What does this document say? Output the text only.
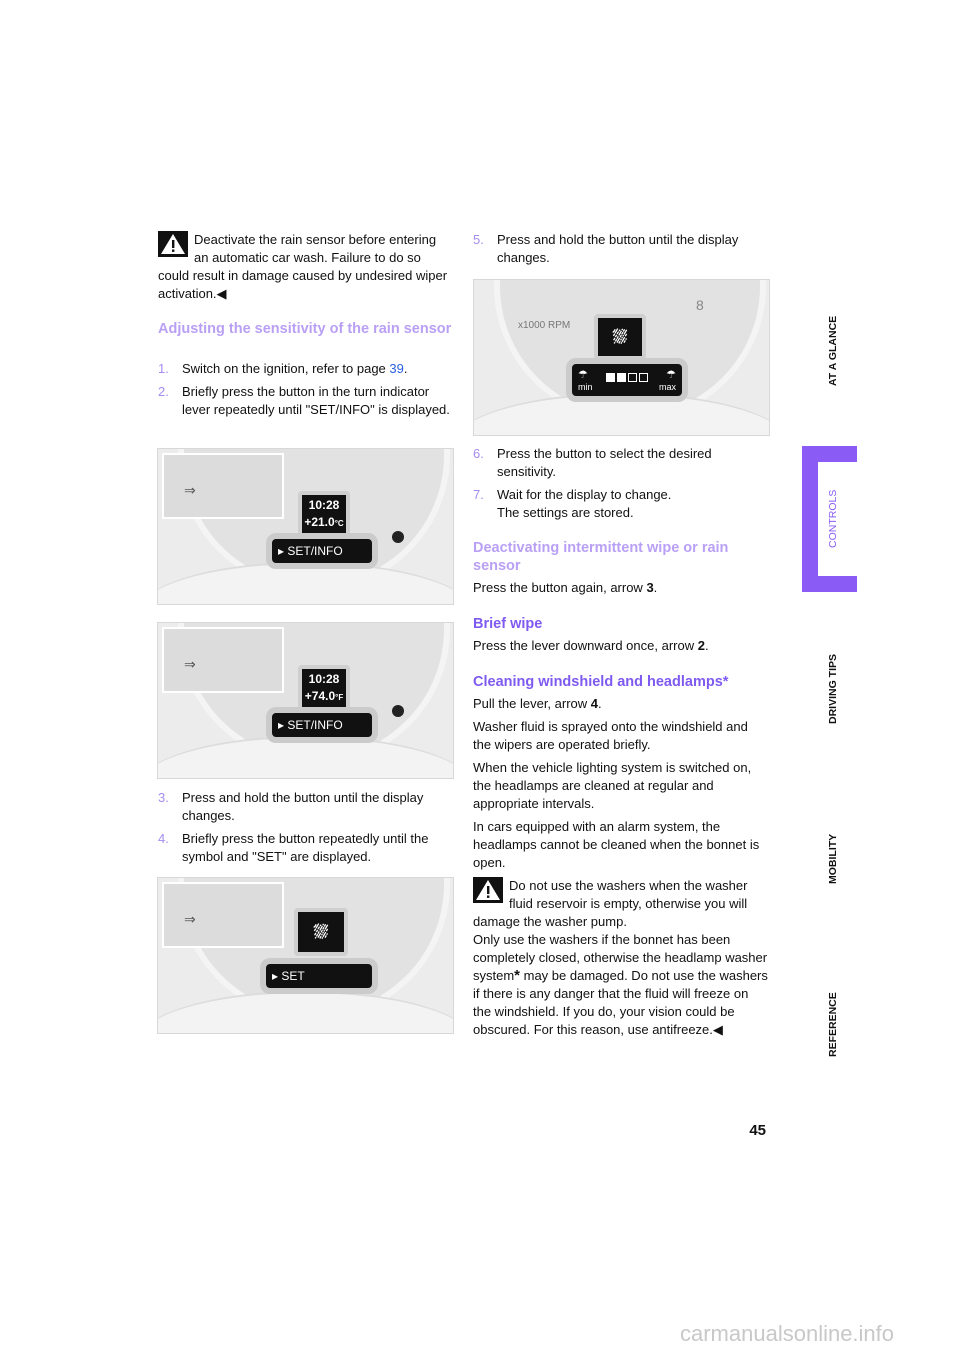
Deactivate the rain sensor before entering an automatic car wash. Failure to do so could result in damage caused by undesired wiper activation.◀

Adjusting the sensitivity of the rain sensor
1. Switch on the ignition, refer to page 39.
2. Briefly press the button in the turn indicator lever repeatedly until "SET/INFO" is displayed.
⇒
10:28
+21.0°C
▸ SET/INFO
⇒
10:28
+74.0°F
▸ SET/INFO
3. Press and hold the button until the display changes.
4. Briefly press the button repeatedly until the symbol and "SET" are displayed.
⇒
⛆
▸ SET
5. Press and hold the button until the display changes.
x1000 RPM
8
⛆
☂	☂
min	max
6. Press the button to select the desired sensitivity.
7. Wait for the display to change.
The settings are stored.
Deactivating intermittent wipe or rain sensor

Press the button again, arrow 3.

Brief wipe

Press the lever downward once, arrow 2.

Cleaning windshield and headlamps*

Pull the lever, arrow 4.

Washer fluid is sprayed onto the windshield and the wipers are operated briefly.

When the vehicle lighting system is switched on, the headlamps are cleaned at regular and appropriate intervals.

In cars equipped with an alarm system, the headlamps cannot be cleaned when the bonnet is open.

Do not use the washers when the washer fluid reservoir is empty, otherwise you will damage the washer pump.

Only use the washers if the bonnet has been completely closed, otherwise the headlamp washer system* may be damaged. Do not use the washers if there is any danger that the fluid will freeze on the windshield. If you do, your vision could be obscured. For this reason, use antifreeze.◀

AT A GLANCE
CONTROLS
DRIVING TIPS
MOBILITY
REFERENCE
45
carmanualsonline.info
